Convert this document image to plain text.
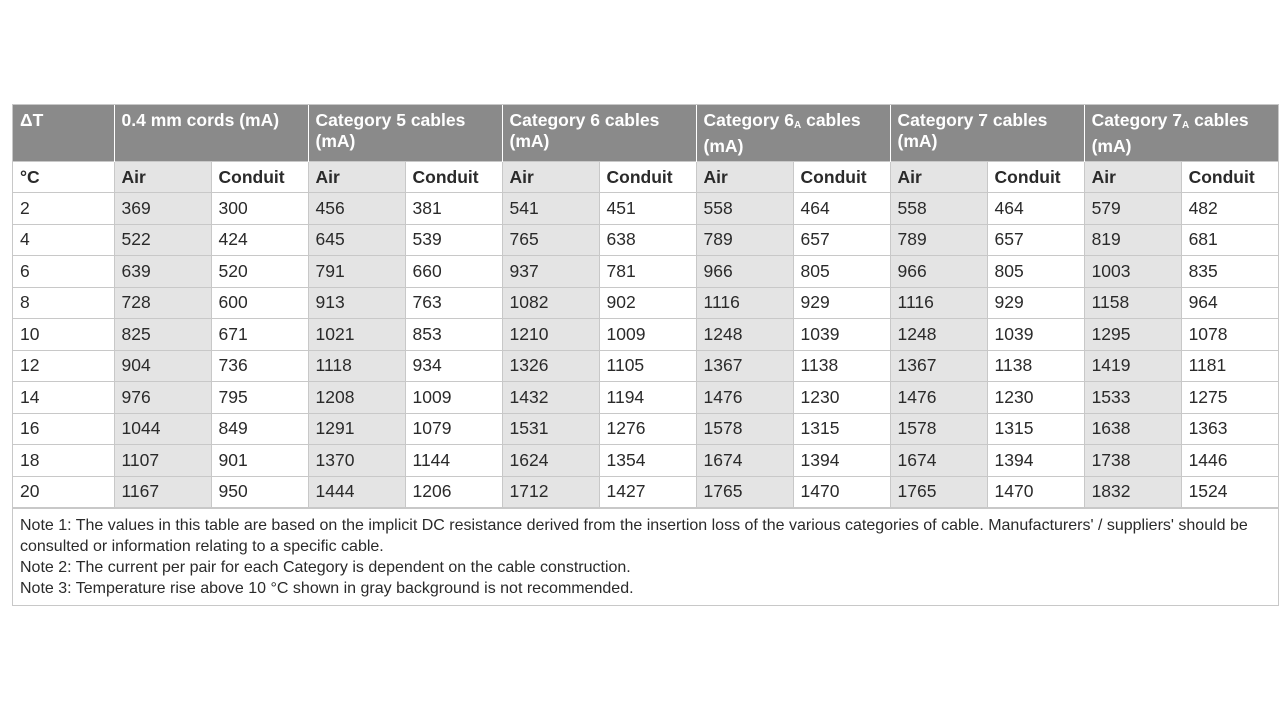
ΔT	0.4 mm cords (mA)		Category 5 cables (mA)		Category 6 cables (mA)		Category $6_A$ cables (mA)		Category 7 cables (mA)		Category $7_A$ cables (mA)	
°C	Air	Conduit	Air	Conduit	Air	Conduit	Air	Conduit	Air	Conduit	Air	Conduit
2	369	300	456	381	541	451	558	464	558	464	579	482
4	522	424	645	539	765	638	789	657	789	657	819	681
6	639	520	791	660	937	781	966	805	966	805	1003	835
8	728	600	913	763	1082	902	1116	929	1116	929	1158	964
10	825	671	1021	853	1210	1009	1248	1039	1248	1039	1295	1078
12	904	736	1118	934	1326	1105	1367	1138	1367	1138	1419	1181
14	976	795	1208	1009	1432	1194	1476	1230	1476	1230	1533	1275
16	1044	849	1291	1079	1531	1276	1578	1315	1578	1315	1638	1363
18	1107	901	1370	1144	1624	1354	1674	1394	1674	1394	1738	1446
20	1167	950	1444	1206	1712	1427	1765	1470	1765	1470	1832	1524
Note 1: The values in this table are based on the implicit DC resistance derived from the insertion loss of the various categories of cable. Manufacturers' / suppliers' should be consulted or information relating to a specific cable.
Note 2: The current per pair for each Category is dependent on the cable construction.
Note 3: Temperature rise above 10 °C shown in gray background is not recommended.
